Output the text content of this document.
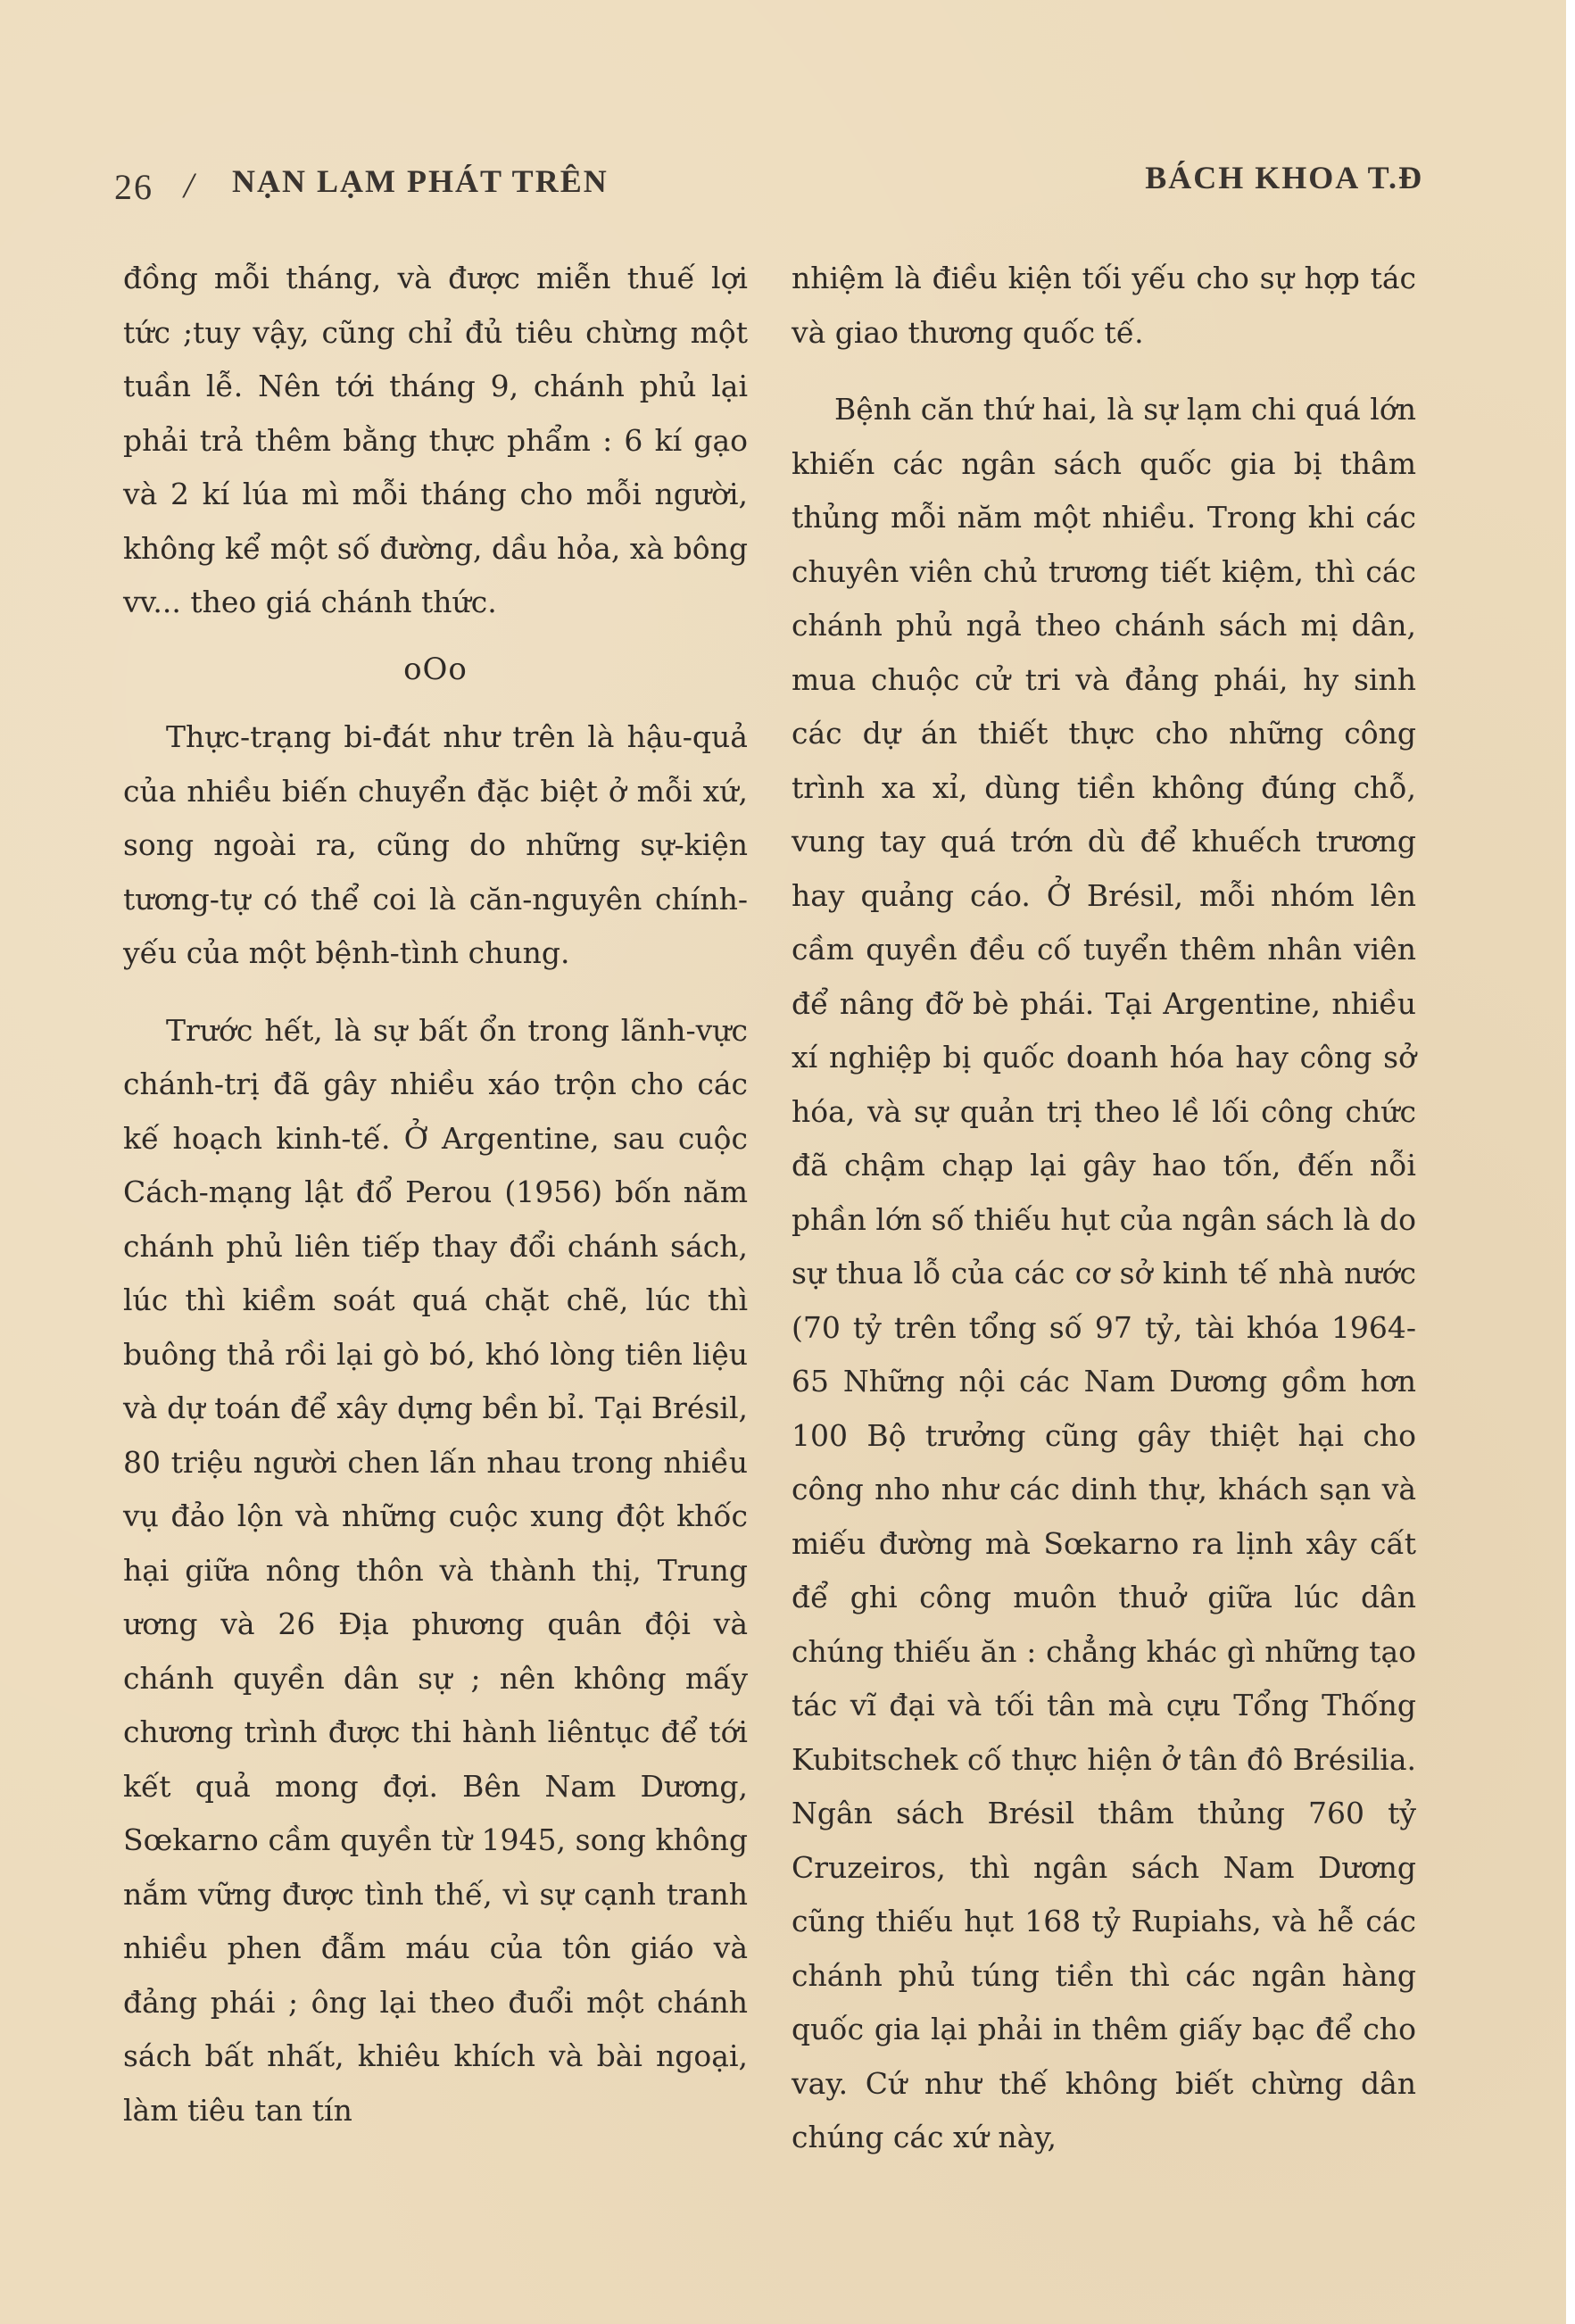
26 / NẠN LẠM PHÁT TRÊN	BÁCH KHOA T.Đ

đồng mỗi tháng, và được miễn thuế lợi tức ;tuy vậy, cũng chỉ đủ tiêu chừng một tuần lễ. Nên tới tháng 9, chánh phủ lại phải trả thêm bằng thực phẩm : 6 kí gạo và 2 kí lúa mì mỗi tháng cho mỗi người, không kể một số đường, dầu hỏa, xà bông vv... theo giá chánh thức.

oOo

Thực-trạng bi-đát như trên là hậu-quả của nhiều biến chuyển đặc biệt ở mỗi xứ, song ngoài ra, cũng do những sự-kiện tương-tự có thể coi là căn-nguyên chính-yếu của một bệnh-tình chung.

Trước hết, là sự bất ổn trong lãnh-vực chánh-trị đã gây nhiều xáo trộn cho các kế hoạch kinh-tế. Ở Argentine, sau cuộc Cách-mạng lật đổ Perou (1956) bốn năm chánh phủ liên tiếp thay đổi chánh sách, lúc thì kiềm soát quá chặt chẽ, lúc thì buông thả rồi lại gò bó, khó lòng tiên liệu và dự toán để xây dựng bền bỉ. Tại Brésil, 80 triệu người chen lấn nhau trong nhiều vụ đảo lộn và những cuộc xung đột khốc hại giữa nông thôn và thành thị, Trung ương và 26 Địa phương quân đội và chánh quyền dân sự ; nên không mấy chương trình được thi hành liêntục để tới kết quả mong đợi. Bên Nam Dương, Sœkarno cầm quyền từ 1945, song không nắm vững được tình thế, vì sự cạnh tranh nhiều phen đẫm máu của tôn giáo và đảng phái ; ông lại theo đuổi một chánh sách bất nhất, khiêu khích và bài ngoại, làm tiêu tan tín

nhiệm là điều kiện tối yếu cho sự hợp tác và giao thương quốc tế.

Bệnh căn thứ hai, là sự lạm chi quá lớn khiến các ngân sách quốc gia bị thâm thủng mỗi năm một nhiều. Trong khi các chuyên viên chủ trương tiết kiệm, thì các chánh phủ ngả theo chánh sách mị dân, mua chuộc cử tri và đảng phái, hy sinh các dự án thiết thực cho những công trình xa xỉ, dùng tiền không đúng chỗ, vung tay quá trớn dù để khuếch trương hay quảng cáo. Ở Brésil, mỗi nhóm lên cầm quyền đều cố tuyển thêm nhân viên để nâng đỡ bè phái. Tại Argentine, nhiều xí nghiệp bị quốc doanh hóa hay công sở hóa, và sự quản trị theo lề lối công chức đã chậm chạp lại gây hao tốn, đến nỗi phần lớn số thiếu hụt của ngân sách là do sự thua lỗ của các cơ sở kinh tế nhà nước (70 tỷ trên tổng số 97 tỷ, tài khóa 1964-65 Những nội các Nam Dương gồm hơn 100 Bộ trưởng cũng gây thiệt hại cho công nho như các dinh thự, khách sạn và miếu đường mà Sœkarno ra lịnh xây cất để ghi công muôn thuở giữa lúc dân chúng thiếu ăn : chẳng khác gì những tạo tác vĩ đại và tối tân mà cựu Tổng Thống Kubitschek cố thực hiện ở tân đô Brésilia. Ngân sách Brésil thâm thủng 760 tỷ Cruzeiros, thì ngân sách Nam Dương cũng thiếu hụt 168 tỷ Rupiahs, và hễ các chánh phủ túng tiền thì các ngân hàng quốc gia lại phải in thêm giấy bạc để cho vay. Cứ như thế không biết chừng dân chúng các xứ này,
